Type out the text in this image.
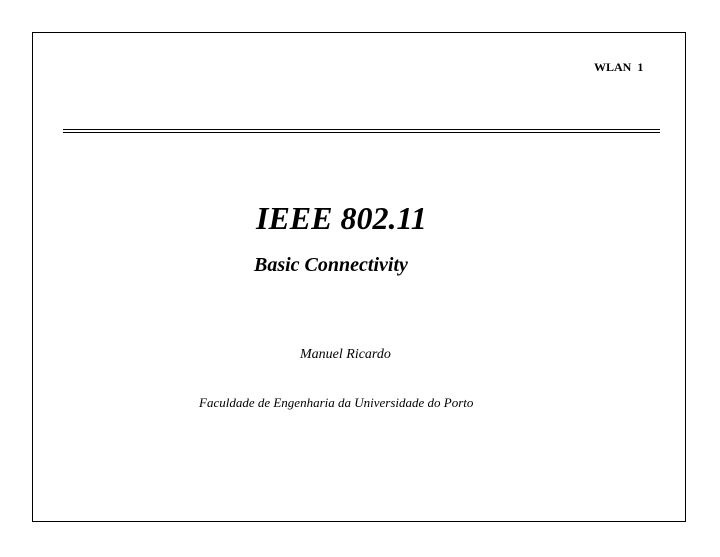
WLAN  1
IEEE 802.11
Basic Connectivity
Manuel Ricardo
Faculdade de Engenharia da Universidade do Porto
